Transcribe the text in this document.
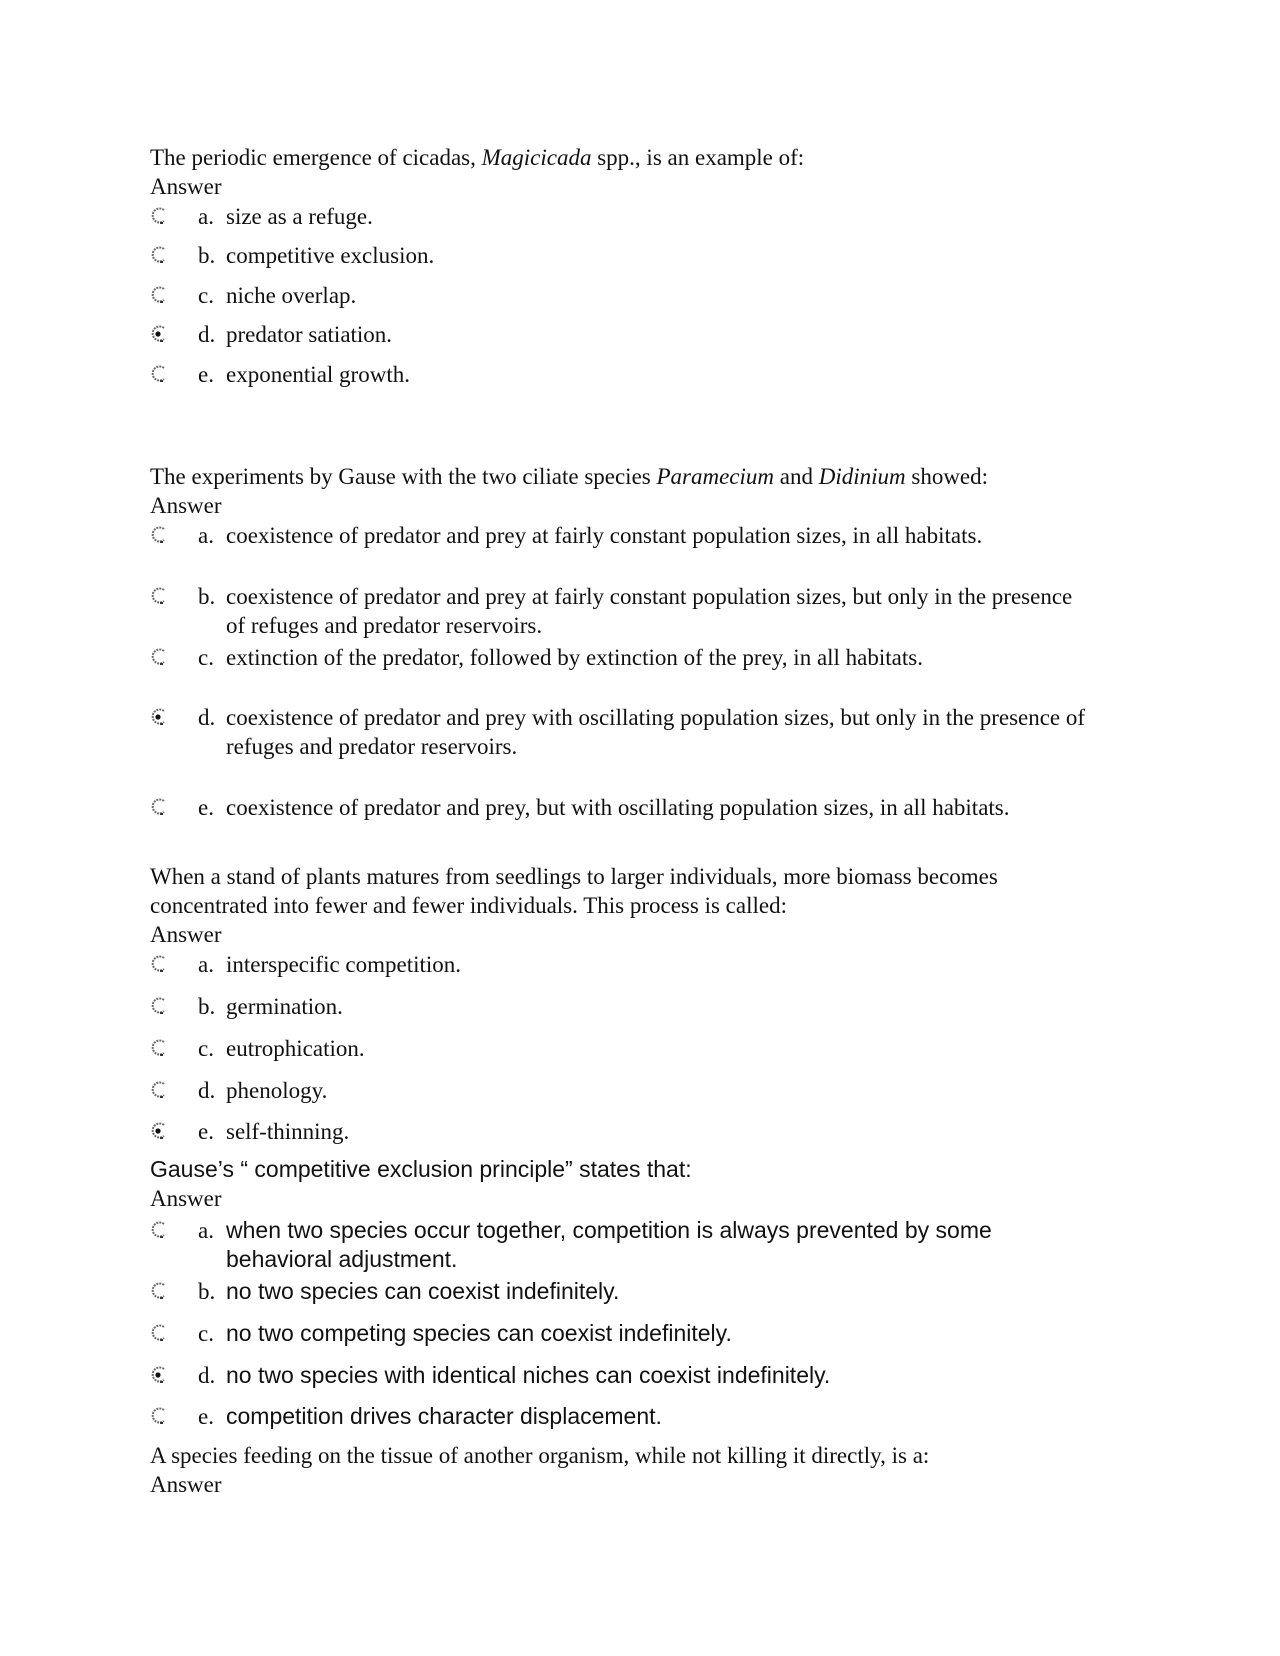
The periodic emergence of cicadas, Magicicada spp., is an example of:

Answer

a. size as a refuge.
b. competitive exclusion.
c. niche overlap.
d. predator satiation.
e. exponential growth.

The experiments by Gause with the two ciliate species Paramecium and Didinium showed:

Answer

a. coexistence of predator and prey at fairly constant population sizes, in all habitats.
b. coexistence of predator and prey at fairly constant population sizes, but only in the presence of refuges and predator reservoirs.
c. extinction of the predator, followed by extinction of the prey, in all habitats.
d. coexistence of predator and prey with oscillating population sizes, but only in the presence of refuges and predator reservoirs.
e. coexistence of predator and prey, but with oscillating population sizes, in all habitats.

When a stand of plants matures from seedlings to larger individuals, more biomass becomes concentrated into fewer and fewer individuals. This process is called:

Answer

a. interspecific competition.
b. germination.
c. eutrophication.
d. phenology.
e. self-thinning.

Gause’s “ competitive exclusion principle” states that:

Answer

a. when two species occur together, competition is always prevented by some behavioral adjustment.
b. no two species can coexist indefinitely.
c. no two competing species can coexist indefinitely.
d. no two species with identical niches can coexist indefinitely.
e. competition drives character displacement.

A species feeding on the tissue of another organism, while not killing it directly, is a:

Answer
